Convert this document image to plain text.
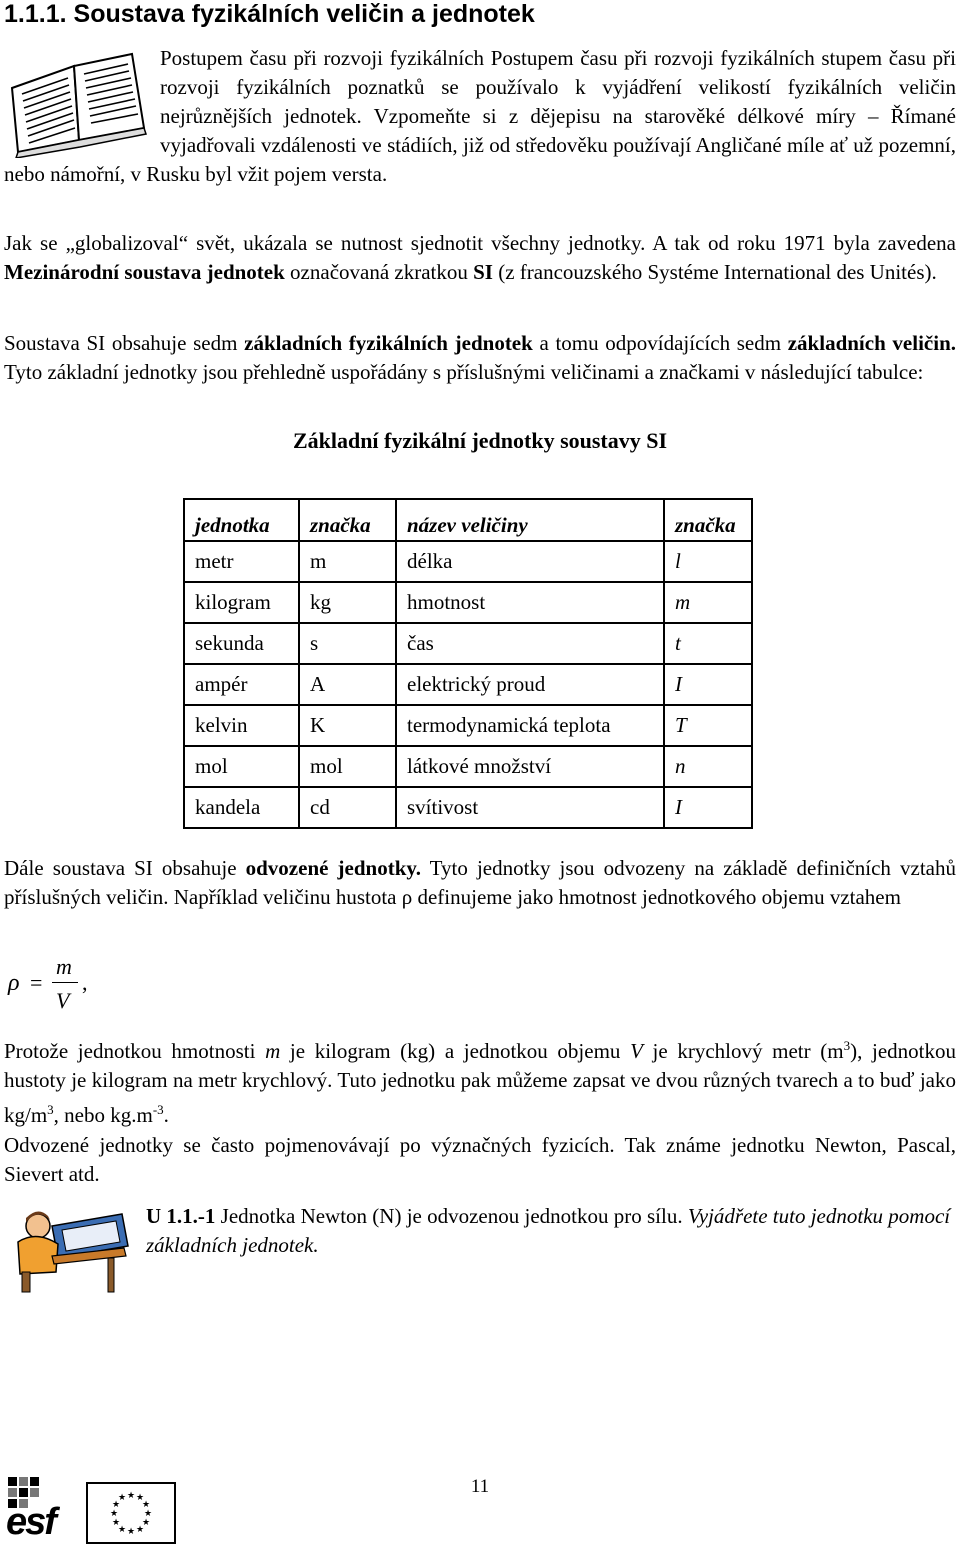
1.1.1. Soustava fyzikálních veličin a jednotek
Postupem času při rozvoji fyzikálních Postupem času při rozvoji fyzikálních stupem času při rozvoji fyzikálních poznatků se používalo k vyjádření velikostí fyzikálních veličin nejrůznějších jednotek. Vzpomeňte si z dějepisu na starověké délkové míry – Římané vyjadřovali vzdálenosti ve stádiích, již od středověku používají Angličané míle ať už pozemní, nebo námořní, v Rusku byl vžit pojem versta.

Jak se „globalizoval“ svět, ukázala se nutnost sjednotit všechny jednotky. A tak od roku 1971 byla zavedena Mezinárodní soustava jednotek označovaná zkratkou SI (z francouzského Systéme International des Unités).

Soustava SI obsahuje sedm základních fyzikálních jednotek a tomu odpovídajících sedm základních veličin. Tyto základní jednotky jsou přehledně uspořádány s příslušnými veličinami a značkami v následující tabulce:

Základní fyzikální jednotky soustavy SI
jednotka	značka	název veličiny	značka
metr	m	délka	l
kilogram	kg	hmotnost	m
sekunda	s	čas	t
ampér	A	elektrický proud	I
kelvin	K	termodynamická teplota	T
mol	mol	látkové množství	n
kandela	cd	svítivost	I

Dále soustava SI obsahuje odvozené jednotky. Tyto jednotky jsou odvozeny na základě definičních vztahů příslušných veličin. Například veličinu hustota ρ definujeme jako hmotnost jednotkového objemu vztahem

ρ =
m
V
,

Protože jednotkou hmotnosti m je kilogram (kg) a jednotkou objemu V je krychlový metr $(m^3)$, jednotkou hustoty je kilogram na metr krychlový. Tuto jednotku pak můžeme zapsat ve dvou různých tvarech a to buď jako $kg/m^3$, nebo $kg.m^{-3}$.

Odvozené jednotky se často pojmenovávají po význačných fyzicích. Tak známe jednotku Newton, Pascal, Sievert atd.

U 1.1.-1 Jednotka Newton (N) je odvozenou jednotkou pro sílu. Vyjádřete tuto jednotku pomocí základních jednotek.
11
esf
★ ★
★
★
★
★
★
★
★
★
★
★
